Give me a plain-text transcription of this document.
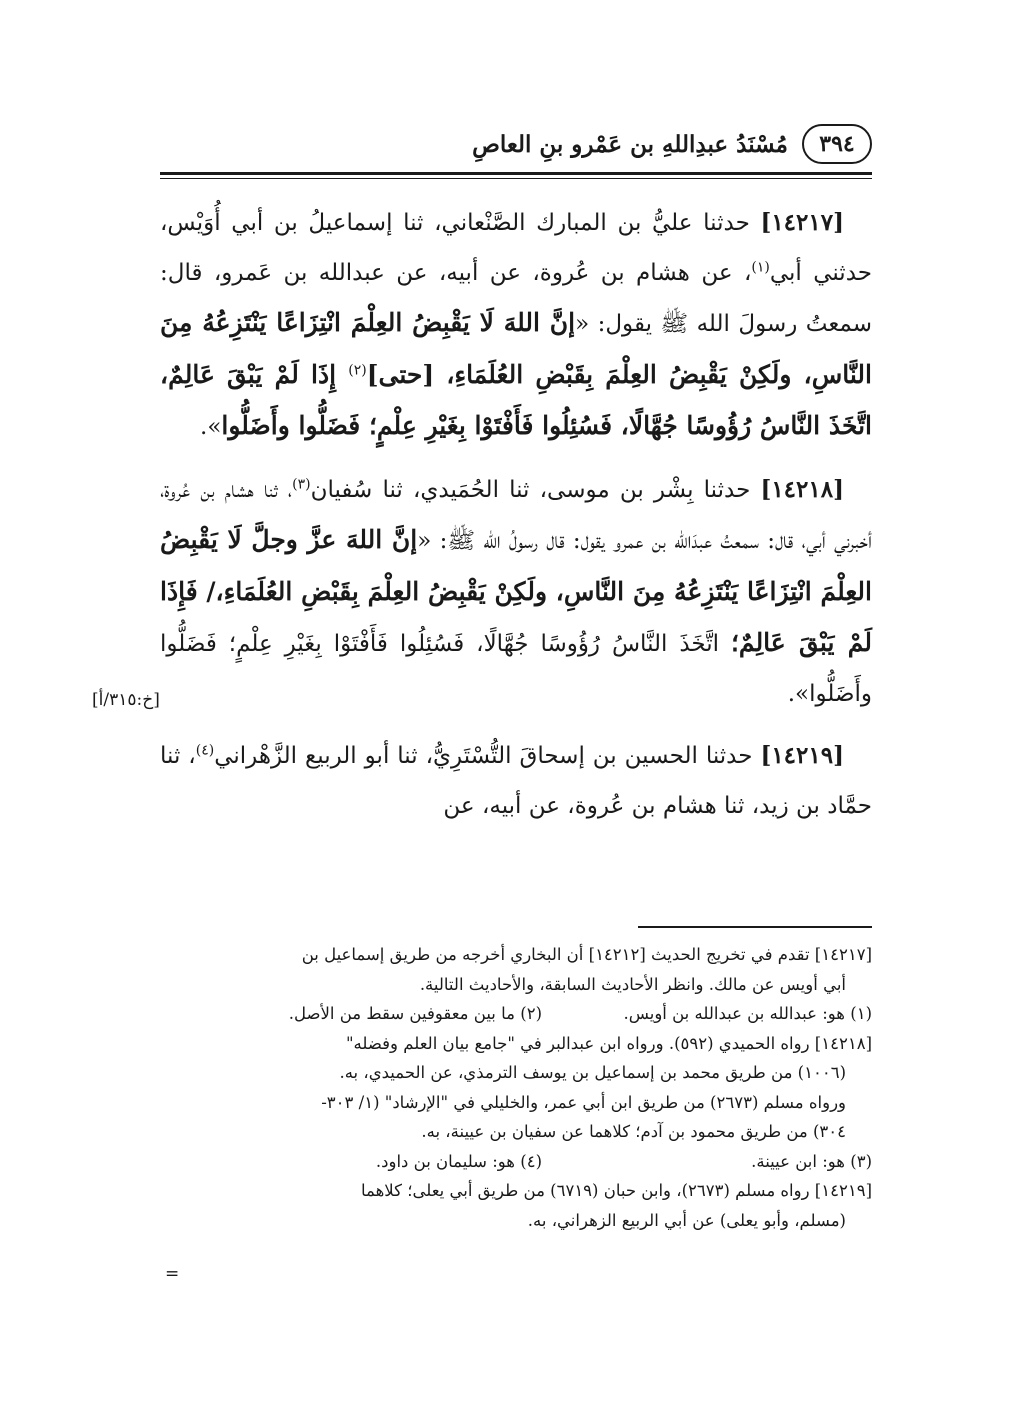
٣٩٤
مُسْنَدُ عبدِاللهِ بن عَمْرو بنِ العاصِ

[١٤٢١٧] حدثنا عليُّ بن المبارك الصَّنْعاني، ثنا إسماعيلُ بن أبي أُوَيْس، حدثني أبي$^{(١)}$، عن هشام بن عُروة، عن أبيه، عن عبدالله بن عَمرو، قال: سمعتُ رسولَ الله ﷺ يقول: «إنَّ اللهَ لَا يَقْبِضُ العِلْمَ انْتِزَاعًا يَنْتَزِعُهُ مِنَ النَّاسِ، ولَكِنْ يَقْبِضُ العِلْمَ بِقَبْضِ العُلَمَاءِ، [حتى]$^{(٢)}$ إِذَا لَمْ يَبْقَ عَالِمٌ، اتَّخَذَ النَّاسُ رُؤُوسًا جُهَّالًا، فَسُئِلُوا فَأَفْتَوْا بِغَيْرِ عِلْمٍ؛ فَضَلُّوا وأَضَلُّوا».

[١٤٢١٨] حدثنا بِشْر بن موسى، ثنا الحُمَيدي، ثنا سُفيان$^{(٣)}$، ثنا هشام بن عُروة، أخبرني أبي، قال: سمعتُ عبدَالله بن عمرو يقول: قال رسولُ الله ﷺ: «إنَّ اللهَ عزَّ وجلَّ لَا يَقْبِضُ العِلْمَ انْتِزَاعًا يَنْتَزِعُهُ مِنَ النَّاسِ، ولَكِنْ يَقْبِضُ العِلْمَ بِقَبْضِ العُلَمَاءِ،/ فَإِذَا لَمْ يَبْقَ عَالِمٌ؛ اتَّخَذَ النَّاسُ رُؤُوسًا جُهَّالًا، فَسُئِلُوا فَأَفْتَوْا بِغَيْرِ عِلْمٍ؛ فَضَلُّوا وأَضَلُّوا».

[١٤٢١٩] حدثنا الحسين بن إسحاقَ التُّسْتَرِيُّ، ثنا أبو الربيع الزَّهْراني$^{(٤)}$، ثنا حمَّاد بن زيد، ثنا هشام بن عُروة، عن أبيه، عن

[خ:٣١٥/أ]

[١٤٢١٧] تقدم في تخريج الحديث [١٤٢١٢] أن البخاري أخرجه من طريق إسماعيل بن

أبي أويس عن مالك. وانظر الأحاديث السابقة، والأحاديث التالية.

(١) هو: عبدالله بن عبدالله بن أويس.
(٢) ما بين معقوفين سقط من الأصل.

[١٤٢١٨] رواه الحميدي (٥٩٢). ورواه ابن عبدالبر في "جامع بيان العلم وفضله"

(١٠٠٦) من طريق محمد بن إسماعيل بن يوسف الترمذي، عن الحميدي، به.

ورواه مسلم (٢٦٧٣) من طريق ابن أبي عمر، والخليلي في "الإرشاد" (١/ ٣٠٣-

٣٠٤) من طريق محمود بن آدم؛ كلاهما عن سفيان بن عيينة، به.

(٣) هو: ابن عيينة.
(٤) هو: سليمان بن داود.

[١٤٢١٩] رواه مسلم (٢٦٧٣)، وابن حبان (٦٧١٩) من طريق أبي يعلى؛ كلاهما

(مسلم، وأبو يعلى) عن أبي الربيع الزهراني، به.

=
